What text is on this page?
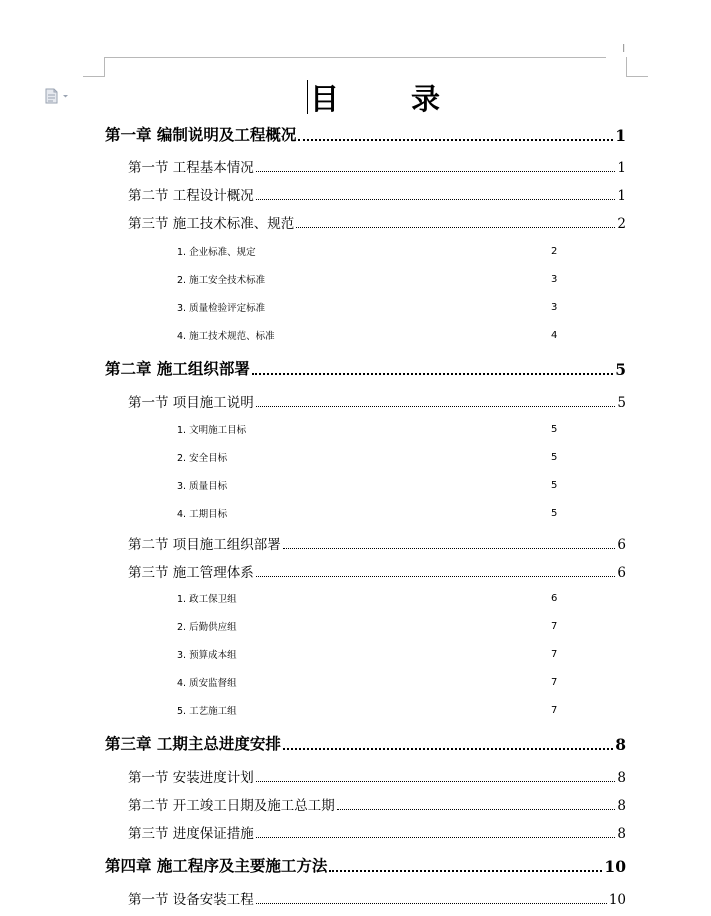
I
目 录
第一章 编制说明及工程概况	1
第一节 工程基本情况	1
第二节 工程设计概况	1
第三节 施工技术标准、规范	2
1. 企业标准、规定	2
2. 施工安全技术标准	3
3. 质量检验评定标准	3
4. 施工技术规范、标准	4
第二章 施工组织部署	5
第一节 项目施工说明	5
1. 文明施工目标	5
2. 安全目标	5
3. 质量目标	5
4. 工期目标	5
第二节 项目施工组织部署	6
第三节 施工管理体系	6
1. 政工保卫组	6
2. 后勤供应组	7
3. 预算成本组	7
4. 质安监督组	7
5. 工艺施工组	7
第三章 工期主总进度安排	8
第一节 安装进度计划	8
第二节 开工竣工日期及施工总工期	8
第三节 进度保证措施	8
第四章 施工程序及主要施工方法	10
第一节 设备安装工程	10
